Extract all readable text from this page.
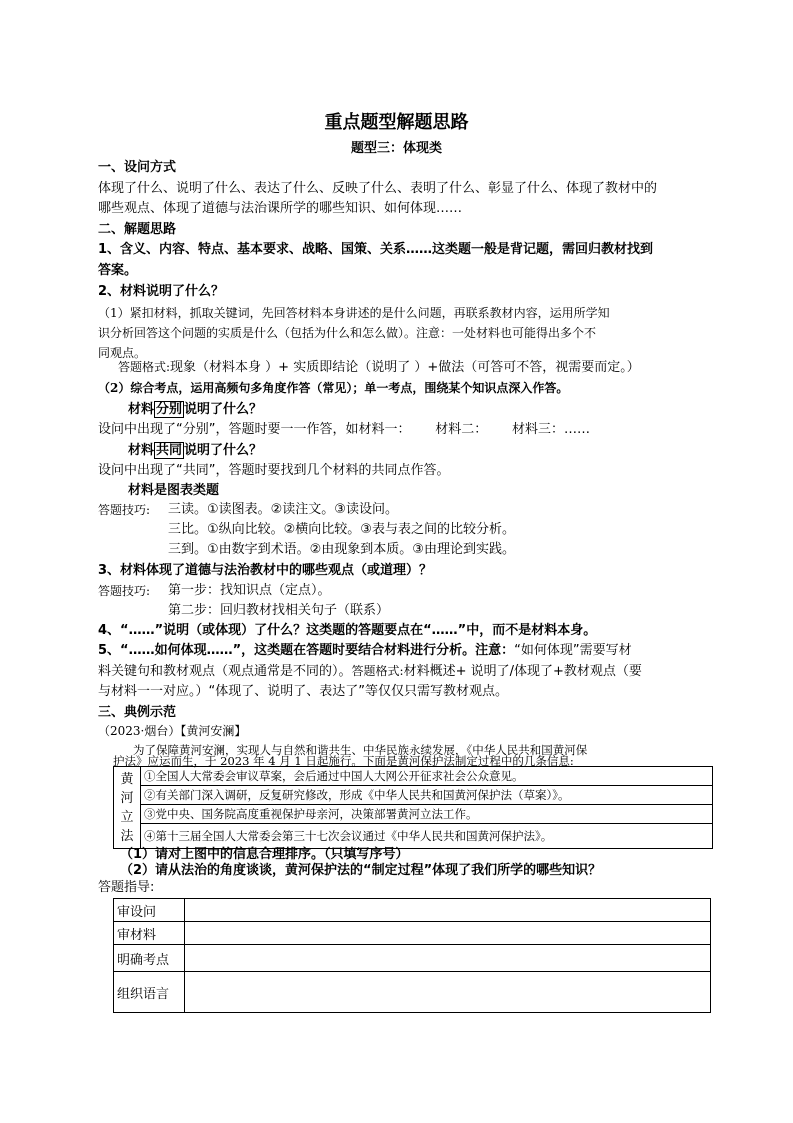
重点题型解题思路
题型三：体现类
一、设问方式
体现了什么、说明了什么、表达了什么、反映了什么、表明了什么、彰显了什么、体现了教材中的
哪些观点、体现了道德与法治课所学的哪些知识、如何体现……
二、解题思路
1、含义、内容、特点、基本要求、战略、国策、关系……这类题一般是背记题，需回归教材找到
答案。
2、材料说明了什么？
（1）紧扣材料，抓取关键词，先回答材料本身讲述的是什么问题，再联系教材内容，运用所学知
识分析回答这个问题的实质是什么（包括为什么和怎么做）。注意：一处材料也可能得出多个不
同观点。
答题格式:现象（材料本身 ）+ 实质即结论（说明了 ）+做法（可答可不答，视需要而定。）
（2）综合考点，运用高频句多角度作答（常见）；单一考点，围绕某个知识点深入作答。
材料 分别 说明了什么？
设问中出现了“分别”，答题时要一一作答，如材料一：      材料二：      材料三：……
材料 共同 说明了什么？
设问中出现了“共同”，答题时要找到几个材料的共同点作答。
材料是图表类题
答题技巧: 三读。①读图表。②读注文。③读设问。
三比。①纵向比较。②横向比较。③表与表之间的比较分析。
三到。①由数字到术语。②由现象到本质。③由理论到实践。
3、材料体现了道德与法治教材中的哪些观点（或道理）？
答题技巧: 第一步：找知识点（定点）。
第二步：回归教材找相关句子（联系）
4、“……”说明（或体现）了什么？这类题的答题要点在“……”中，而不是材料本身。
5、“……如何体现……”，这类题在答题时要结合材料进行分析。注意：“如何体现”需要写材
料关键句和教材观点（观点通常是不同的）。答题格式:材料概述+ 说明了/体现了+教材观点（要
与材料一一对应。）“体现了、说明了、表达了”等仅仅只需写教材观点。
三、典例示范
（2023·烟台）【黄河安澜】
为了保障黄河安澜，实现人与自然和谐共生、中华民族永续发展，《中华人民共和国黄河保
护法》应运而生，于 2023 年 4 月 1 日起施行。下面是黄河保护法制定过程中的几条信息:
黄河立法	①全国人大常委会审议草案，会后通过中国人大网公开征求社会公众意见。
②有关部门深入调研，反复研究修改，形成《中华人民共和国黄河保护法（草案）》。
③党中央、国务院高度重视保护母亲河，决策部署黄河立法工作。
④第十三届全国人大常委会第三十七次会议通过《中华人民共和国黄河保护法》。
（1）请对上图中的信息合理排序。（只填写序号）
（2）请从法治的角度谈谈，黄河保护法的“制定过程”体现了我们所学的哪些知识？
答题指导:
审设问	
审材料	
明确考点	
组织语言	
